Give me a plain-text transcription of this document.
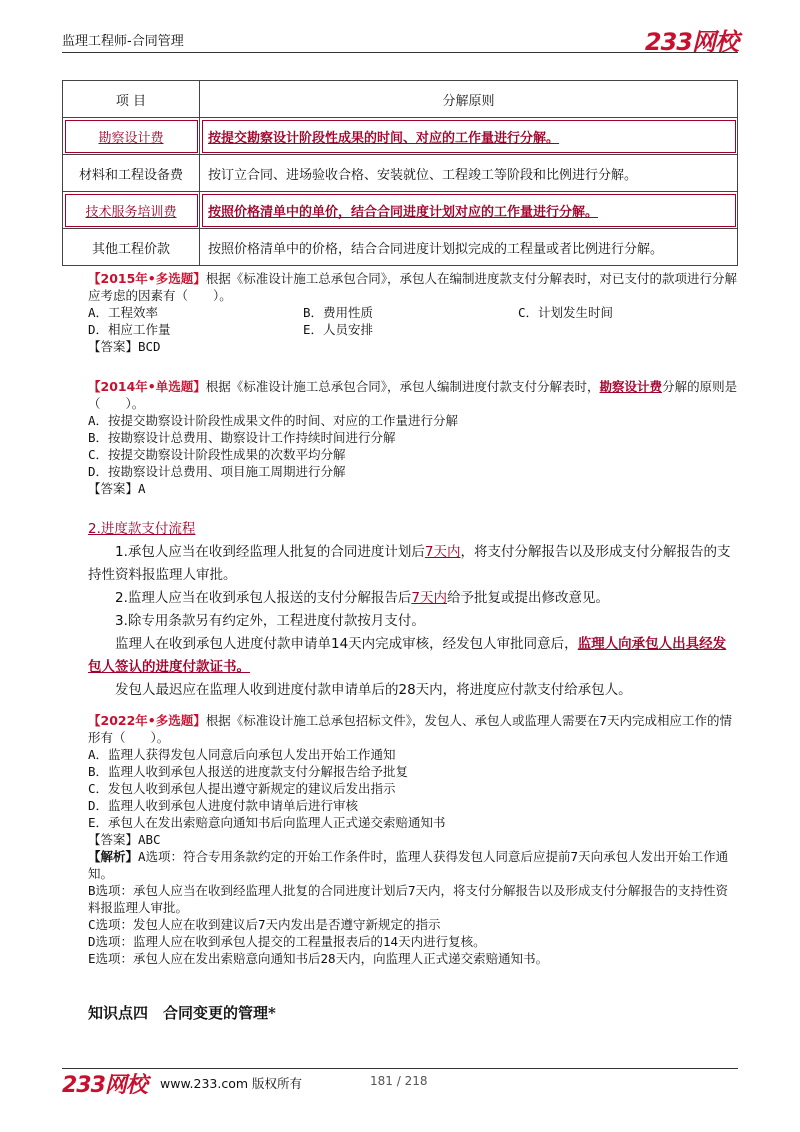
监理工程师-合同管理	233网校
项 目	分解原则
勘察设计费	按提交勘察设计阶段性成果的时间、对应的工作量进行分解。
材料和工程设备费	按订立合同、进场验收合格、安装就位、工程竣工等阶段和比例进行分解。
技术服务培训费	按照价格清单中的单价，结合合同进度计划对应的工作量进行分解。
其他工程价款	按照价格清单中的价格，结合合同进度计划拟完成的工程量或者比例进行分解。
【2015年•多选题】根据《标准设计施工总承包合同》，承包人在编制进度款支付分解表时，对已支付的款项进行分解应考虑的因素有（　　）。
A．工程效率	B．费用性质	C．计划发生时间
D．相应工作量	E．人员安排
【答案】BCD
【2014年•单选题】根据《标准设计施工总承包合同》，承包人编制进度付款支付分解表时，勘察设计费分解的原则是（　　）。
A．按提交勘察设计阶段性成果文件的时间、对应的工作量进行分解
B．按勘察设计总费用、勘察设计工作持续时间进行分解
C．按提交勘察设计阶段性成果的次数平均分解
D．按勘察设计总费用、项目施工周期进行分解
【答案】A
2.进度款支付流程
1.承包人应当在收到经监理人批复的合同进度计划后7天内，将支付分解报告以及形成支付分解报告的支持性资料报监理人审批。
2.监理人应当在收到承包人报送的支付分解报告后7天内给予批复或提出修改意见。
3.除专用条款另有约定外，工程进度付款按月支付。
监理人在收到承包人进度付款申请单14天内完成审核，经发包人审批同意后，监理人向承包人出具经发包人签认的进度付款证书。
发包人最迟应在监理人收到进度付款申请单后的28天内，将进度应付款支付给承包人。
【2022年•多选题】根据《标准设计施工总承包招标文件》，发包人、承包人或监理人需要在7天内完成相应工作的情形有（　　）。
A．监理人获得发包人同意后向承包人发出开始工作通知
B．监理人收到承包人报送的进度款支付分解报告给予批复
C．发包人收到承包人提出遵守新规定的建议后发出指示
D．监理人收到承包人进度付款申请单后进行审核
E．承包人在发出索赔意向通知书后向监理人正式递交索赔通知书
【答案】ABC
【解析】A选项：符合专用条款约定的开始工作条件时，监理人获得发包人同意后应提前7天向承包人发出开始工作通知。
B选项：承包人应当在收到经监理人批复的合同进度计划后7天内，将支付分解报告以及形成支付分解报告的支持性资料报监理人审批。
C选项：发包人应在收到建议后7天内发出是否遵守新规定的指示
D选项：监理人应在收到承包人提交的工程量报表后的14天内进行复核。
E选项：承包人应在发出索赔意向通知书后28天内，向监理人正式递交索赔通知书。
知识点四　合同变更的管理*
233网校 www.233.com 版权所有	181 / 218
